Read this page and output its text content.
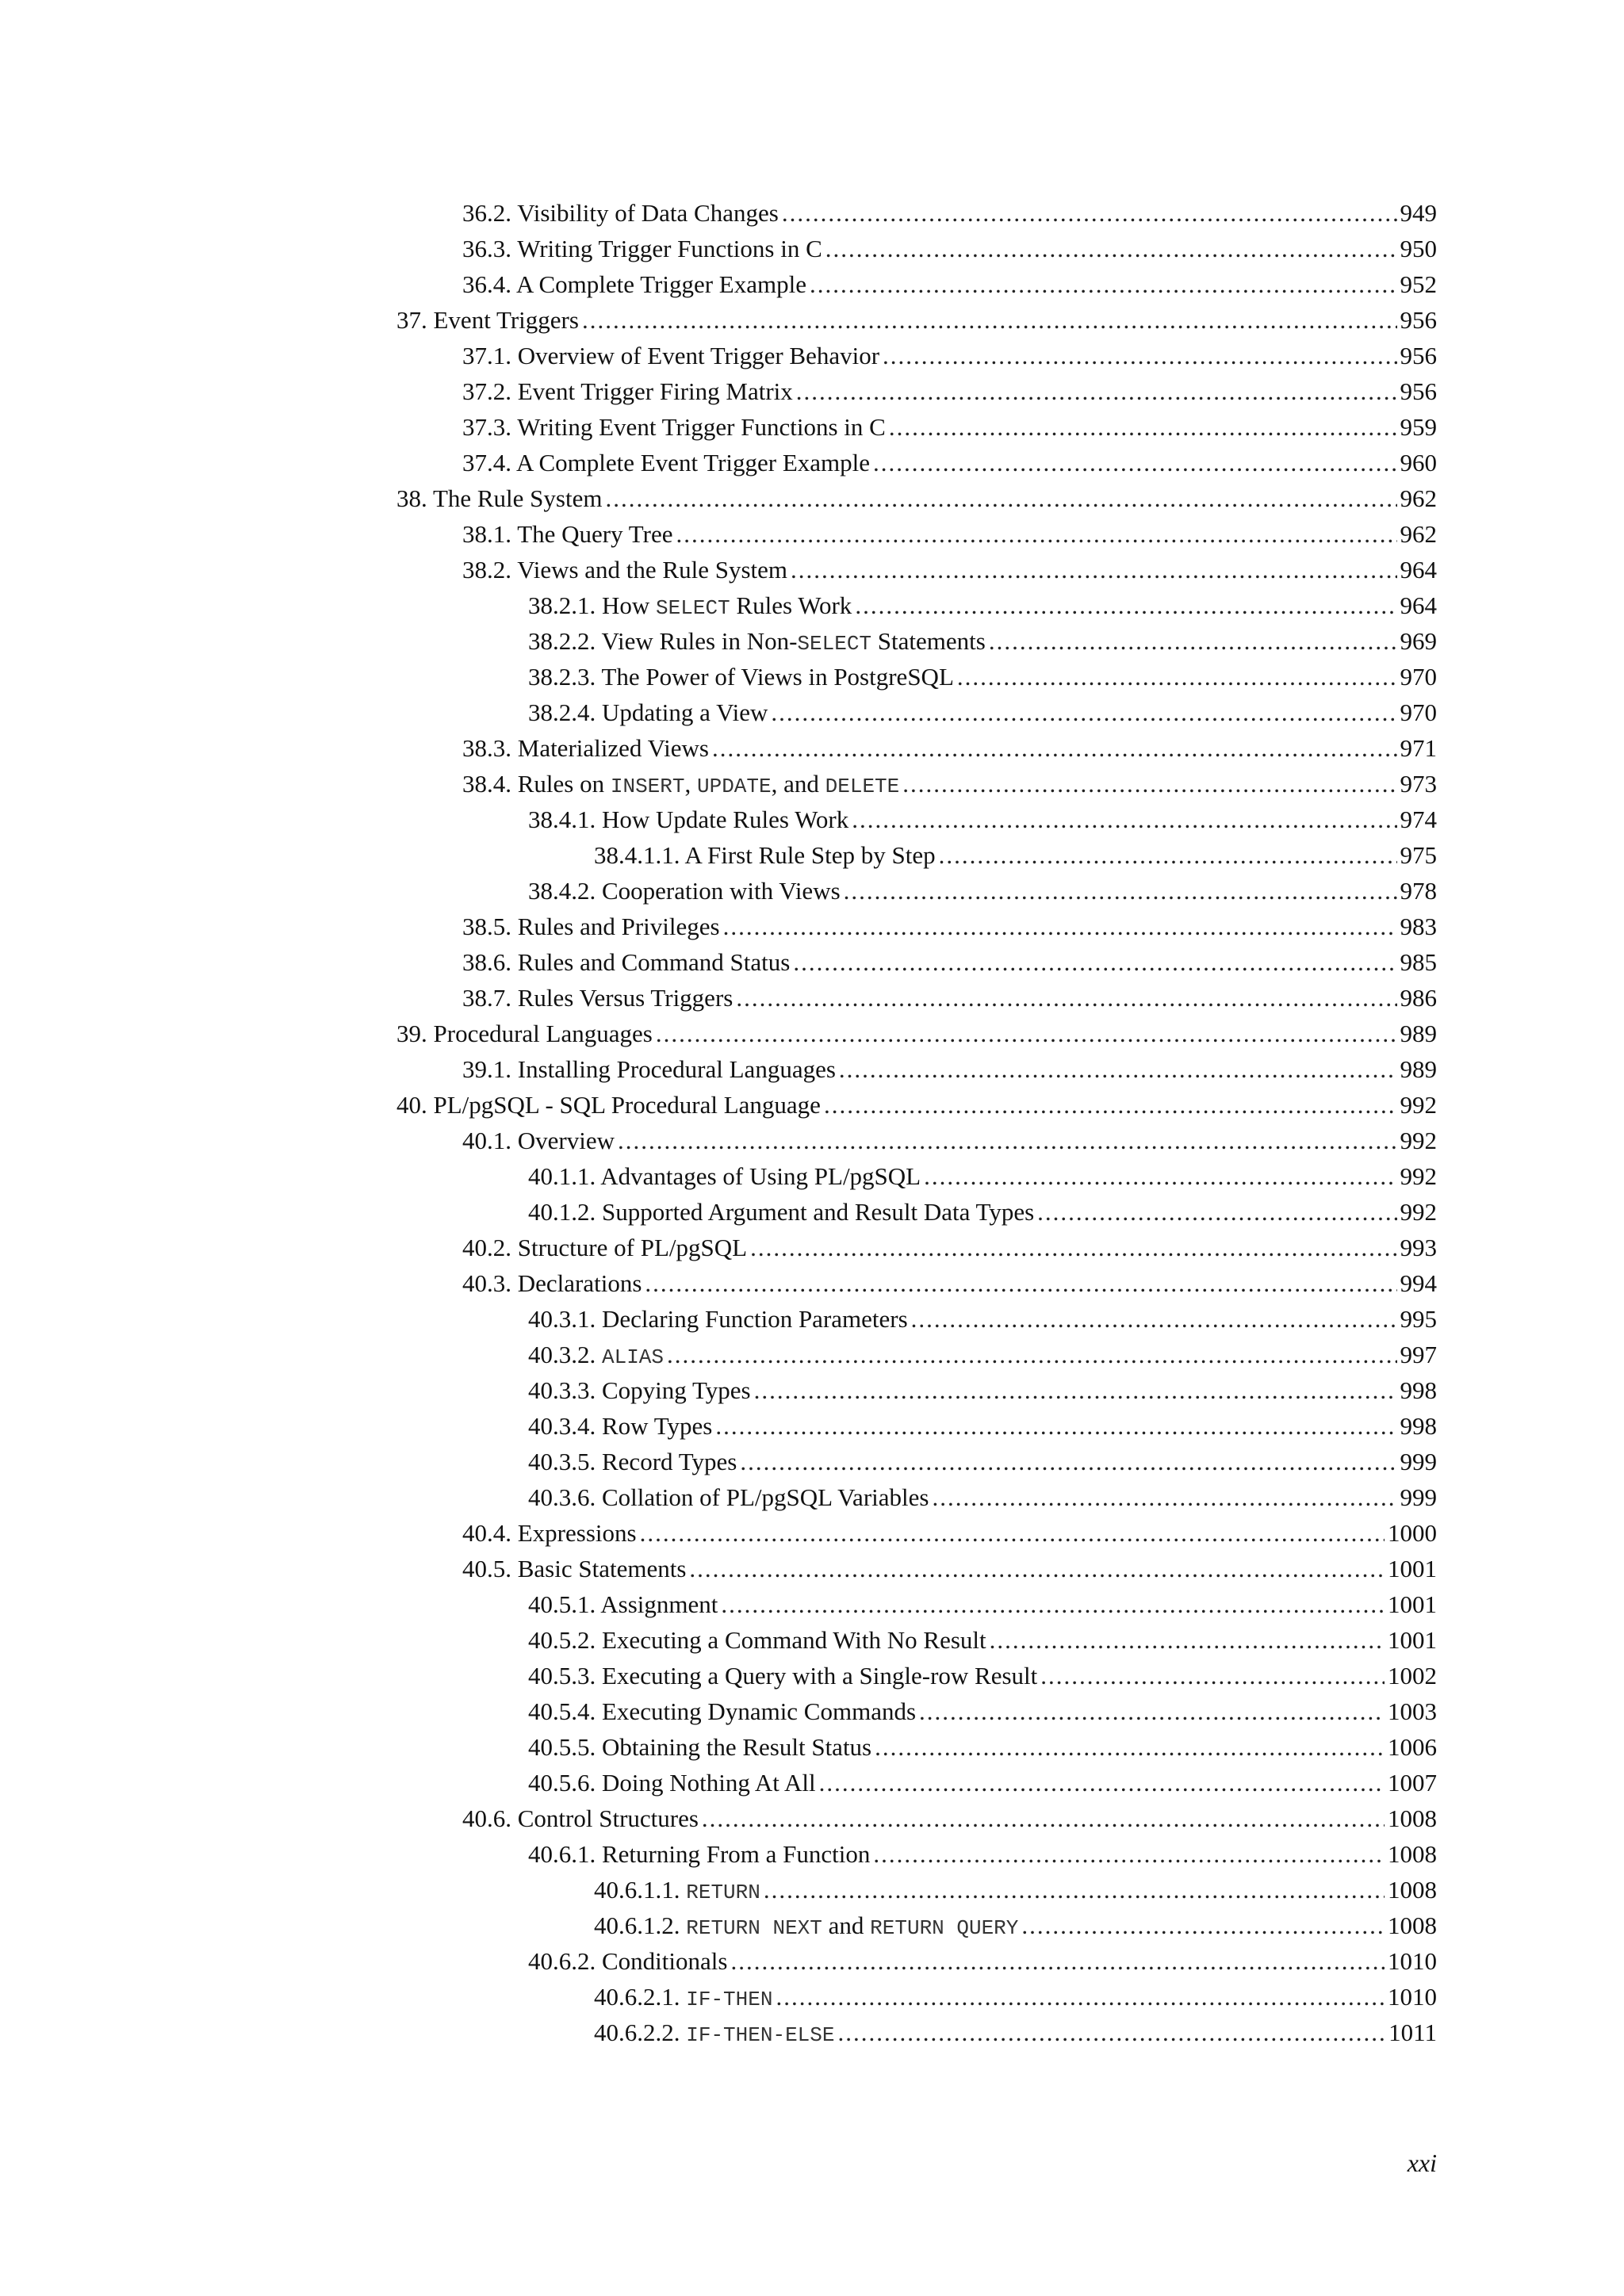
36.2. Visibility of Data Changes .....	949
36.3. Writing Trigger Functions in C .....	950
36.4. A Complete Trigger Example .....	952
37. Event Triggers .....	956
37.1. Overview of Event Trigger Behavior .....	956
37.2. Event Trigger Firing Matrix .....	956
37.3. Writing Event Trigger Functions in C .....	959
37.4. A Complete Event Trigger Example .....	960
38. The Rule System .....	962
38.1. The Query Tree .....	962
38.2. Views and the Rule System .....	964
38.2.1. How SELECT Rules Work .....	964
38.2.2. View Rules in Non-SELECT Statements .....	969
38.2.3. The Power of Views in PostgreSQL .....	970
38.2.4. Updating a View .....	970
38.3. Materialized Views .....	971
38.4. Rules on INSERT, UPDATE, and DELETE .....	973
38.4.1. How Update Rules Work .....	974
38.4.1.1. A First Rule Step by Step .....	975
38.4.2. Cooperation with Views .....	978
38.5. Rules and Privileges .....	983
38.6. Rules and Command Status .....	985
38.7. Rules Versus Triggers .....	986
39. Procedural Languages .....	989
39.1. Installing Procedural Languages .....	989
40. PL/pgSQL - SQL Procedural Language .....	992
40.1. Overview .....	992
40.1.1. Advantages of Using PL/pgSQL .....	992
40.1.2. Supported Argument and Result Data Types .....	992
40.2. Structure of PL/pgSQL .....	993
40.3. Declarations .....	994
40.3.1. Declaring Function Parameters .....	995
40.3.2. ALIAS .....	997
40.3.3. Copying Types .....	998
40.3.4. Row Types .....	998
40.3.5. Record Types .....	999
40.3.6. Collation of PL/pgSQL Variables .....	999
40.4. Expressions .....	1000
40.5. Basic Statements .....	1001
40.5.1. Assignment .....	1001
40.5.2. Executing a Command With No Result .....	1001
40.5.3. Executing a Query with a Single-row Result .....	1002
40.5.4. Executing Dynamic Commands .....	1003
40.5.5. Obtaining the Result Status .....	1006
40.5.6. Doing Nothing At All .....	1007
40.6. Control Structures .....	1008
40.6.1. Returning From a Function .....	1008
40.6.1.1. RETURN .....	1008
40.6.1.2. RETURN NEXT and RETURN QUERY .....	1008
40.6.2. Conditionals .....	1010
40.6.2.1. IF-THEN .....	1010
40.6.2.2. IF-THEN-ELSE .....	1011
xxi
